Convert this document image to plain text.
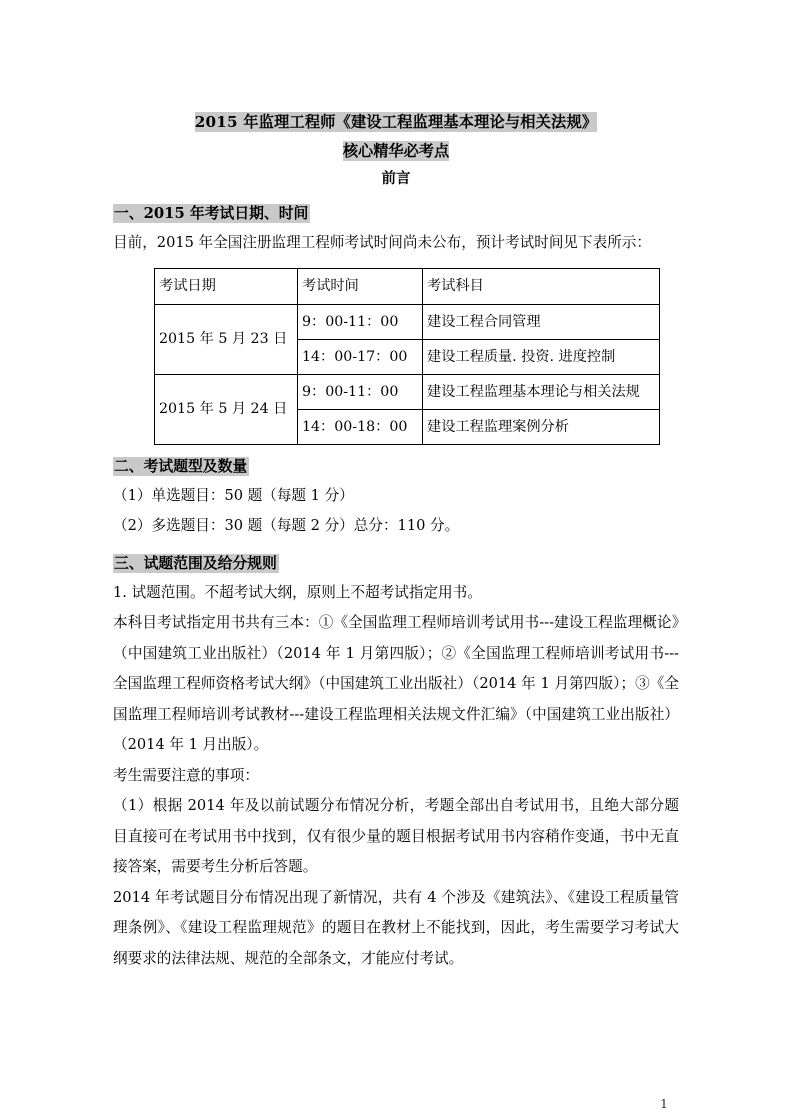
2015 年监理工程师《建设工程监理基本理论与相关法规》
核心精华必考点
前言
一、2015 年考试日期、时间

目前，2015 年全国注册监理工程师考试时间尚未公布，预计考试时间见下表所示：

考试日期	考试时间	考试科目
2015 年 5 月 23 日	9：00-11：00	建设工程合同管理
	14：00-17：00	建设工程质量. 投资. 进度控制
2015 年 5 月 24 日	9：00-11：00	建设工程监理基本理论与相关法规
	14：00-18：00	建设工程监理案例分析
二、考试题型及数量

（1）单选题目：50 题（每题 1 分）

（2）多选题目：30 题（每题 2 分）总分：110 分。

三、试题范围及给分规则

1. 试题范围。不超考试大纲，原则上不超考试指定用书。

本科目考试指定用书共有三本：①《全国监理工程师培训考试用书---建设工程监理概论》（中国建筑工业出版社）（2014 年 1 月第四版）；②《全国监理工程师培训考试用书---全国监理工程师资格考试大纲》（中国建筑工业出版社）（2014 年 1 月第四版）；③《全国监理工程师培训考试教材---建设工程监理相关法规文件汇编》（中国建筑工业出版社）（2014 年 1 月出版）。

考生需要注意的事项：

（1）根据 2014 年及以前试题分布情况分析，考题全部出自考试用书，且绝大部分题目直接可在考试用书中找到，仅有很少量的题目根据考试用书内容稍作变通，书中无直接答案，需要考生分析后答题。

2014 年考试题目分布情况出现了新情况，共有 4 个涉及《建筑法》、《建设工程质量管理条例》、《建设工程监理规范》的题目在教材上不能找到，因此，考生需要学习考试大纲要求的法律法规、规范的全部条文，才能应付考试。

1
